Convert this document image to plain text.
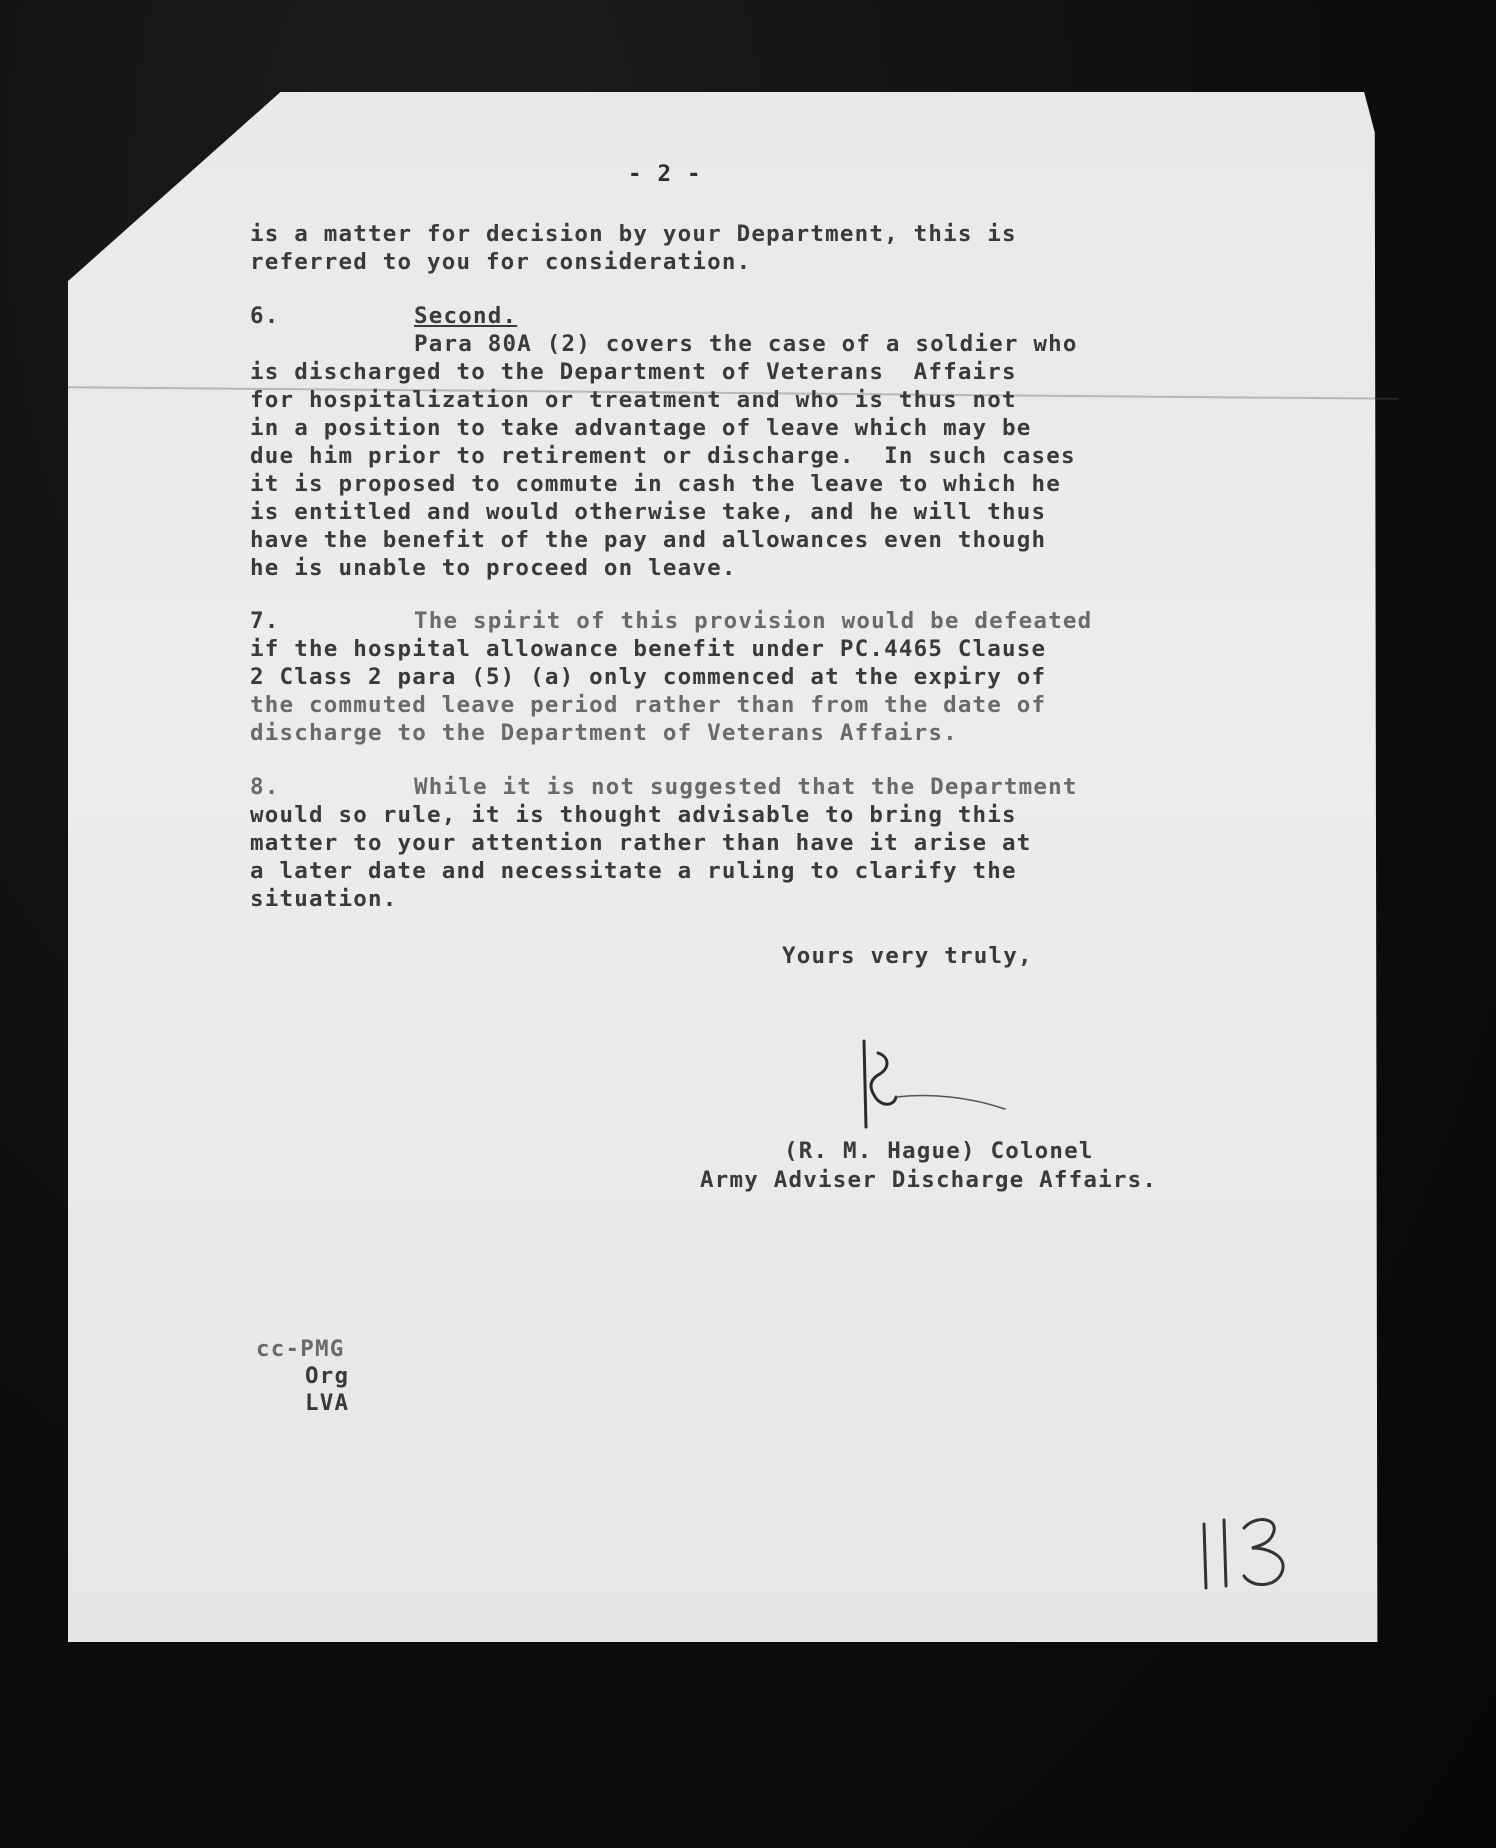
- 2 -
is a matter for decision by your Department, this is
referred to you for consideration.
6.	Second.
Para 80A (2) covers the case of a soldier who
is discharged to the Department of Veterans  Affairs
for hospitalization or treatment and who is thus not
in a position to take advantage of leave which may be
due him prior to retirement or discharge.  In such cases
it is proposed to commute in cash the leave to which he
is entitled and would otherwise take, and he will thus
have the benefit of the pay and allowances even though
he is unable to proceed on leave.
7.	The spirit of this provision would be defeated
if the hospital allowance benefit under PC.4465 Clause
2 Class 2 para (5) (a) only commenced at the expiry of
the commuted leave period rather than from the date of
discharge to the Department of Veterans Affairs.
8.	While it is not suggested that the Department
would so rule, it is thought advisable to bring this
matter to your attention rather than have it arise at
a later date and necessitate a ruling to clarify the
situation.
Yours very truly,
(R. M. Hague) Colonel
Army Adviser Discharge Affairs.
cc-PMG
Org
LVA
